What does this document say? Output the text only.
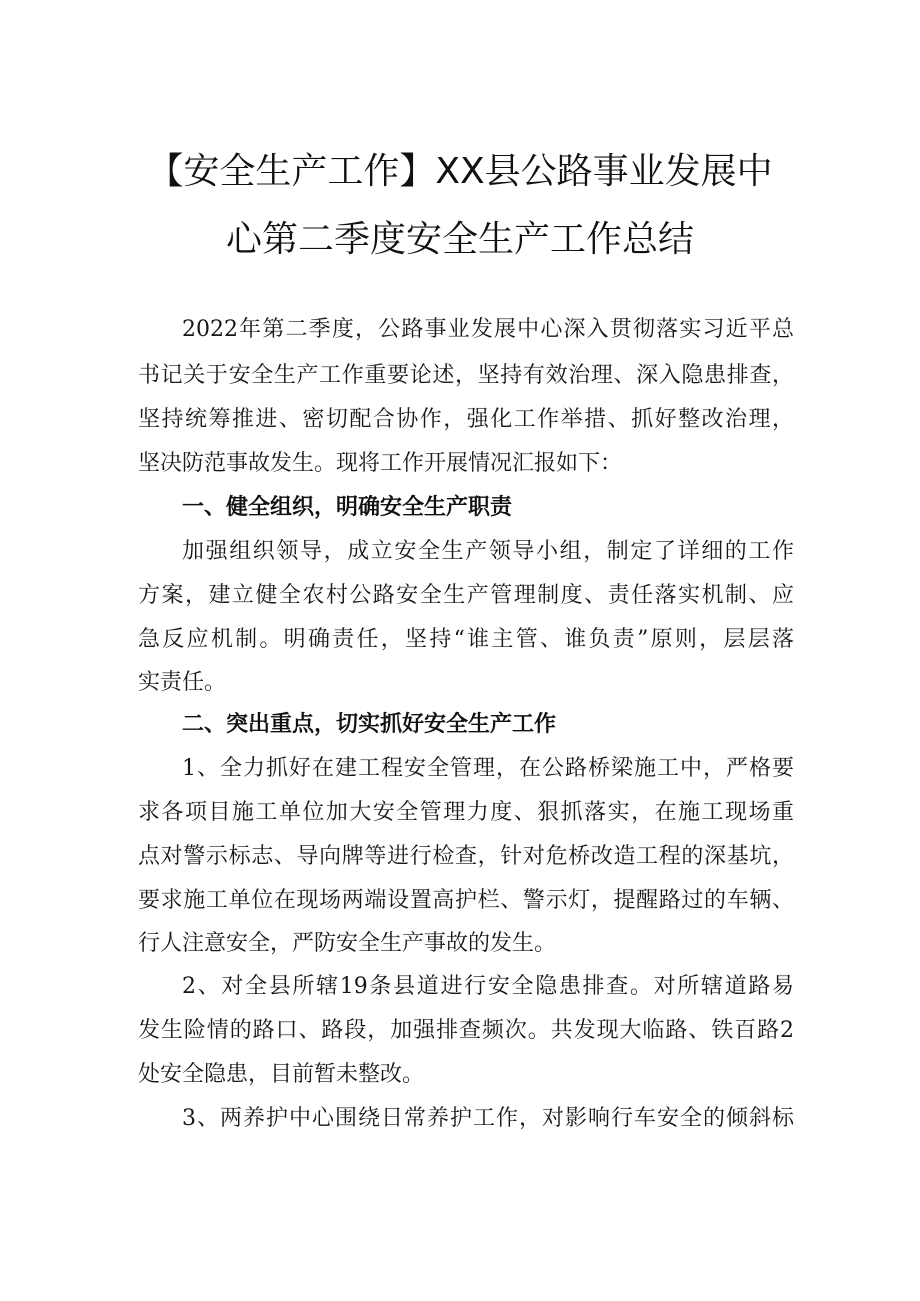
【安全生产工作】XX县公路事业发展中
心第二季度安全生产工作总结
2022年第二季度，公路事业发展中心深入贯彻落实习近平总
书记关于安全生产工作重要论述，坚持有效治理、深入隐患排查，
坚持统筹推进、密切配合协作，强化工作举措、抓好整改治理，
坚决防范事故发生。现将工作开展情况汇报如下：
一、健全组织，明确安全生产职责
加强组织领导，成立安全生产领导小组，制定了详细的工作
方案，建立健全农村公路安全生产管理制度、责任落实机制、应
急反应机制。明确责任，坚持“谁主管、谁负责”原则，层层落
实责任。
二、突出重点，切实抓好安全生产工作
1、全力抓好在建工程安全管理，在公路桥梁施工中，严格要
求各项目施工单位加大安全管理力度、狠抓落实，在施工现场重
点对警示标志、导向牌等进行检查，针对危桥改造工程的深基坑，
要求施工单位在现场两端设置高护栏、警示灯，提醒路过的车辆、
行人注意安全，严防安全生产事故的发生。
2、对全县所辖19条县道进行安全隐患排查。对所辖道路易
发生险情的路口、路段，加强排查频次。共发现大临路、铁百路2
处安全隐患，目前暂未整改。
3、两养护中心围绕日常养护工作，对影响行车安全的倾斜标
